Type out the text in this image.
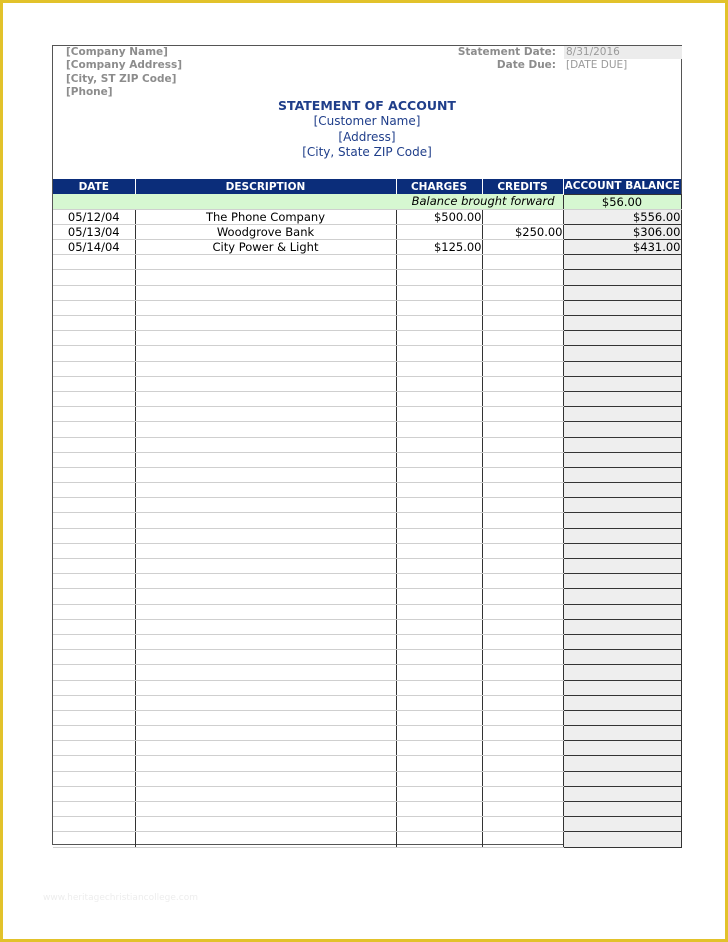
[Company Name]
[Company Address]
[City, ST ZIP Code]
[Phone]
Statement Date: 8/31/2016
Date Due: [DATE DUE]
STATEMENT OF ACCOUNT
[Customer Name]
[Address]
[City, State ZIP Code]
DATE	DESCRIPTION	CHARGES	CREDITS	ACCOUNT BALANCE
Balance brought forward				$56.00
05/12/04	The Phone Company	$500.00		$556.00
05/13/04	Woodgrove Bank		$250.00	$306.00
05/14/04	City Power & Light	$125.00		$431.00

www.heritagechristiancollege.com
